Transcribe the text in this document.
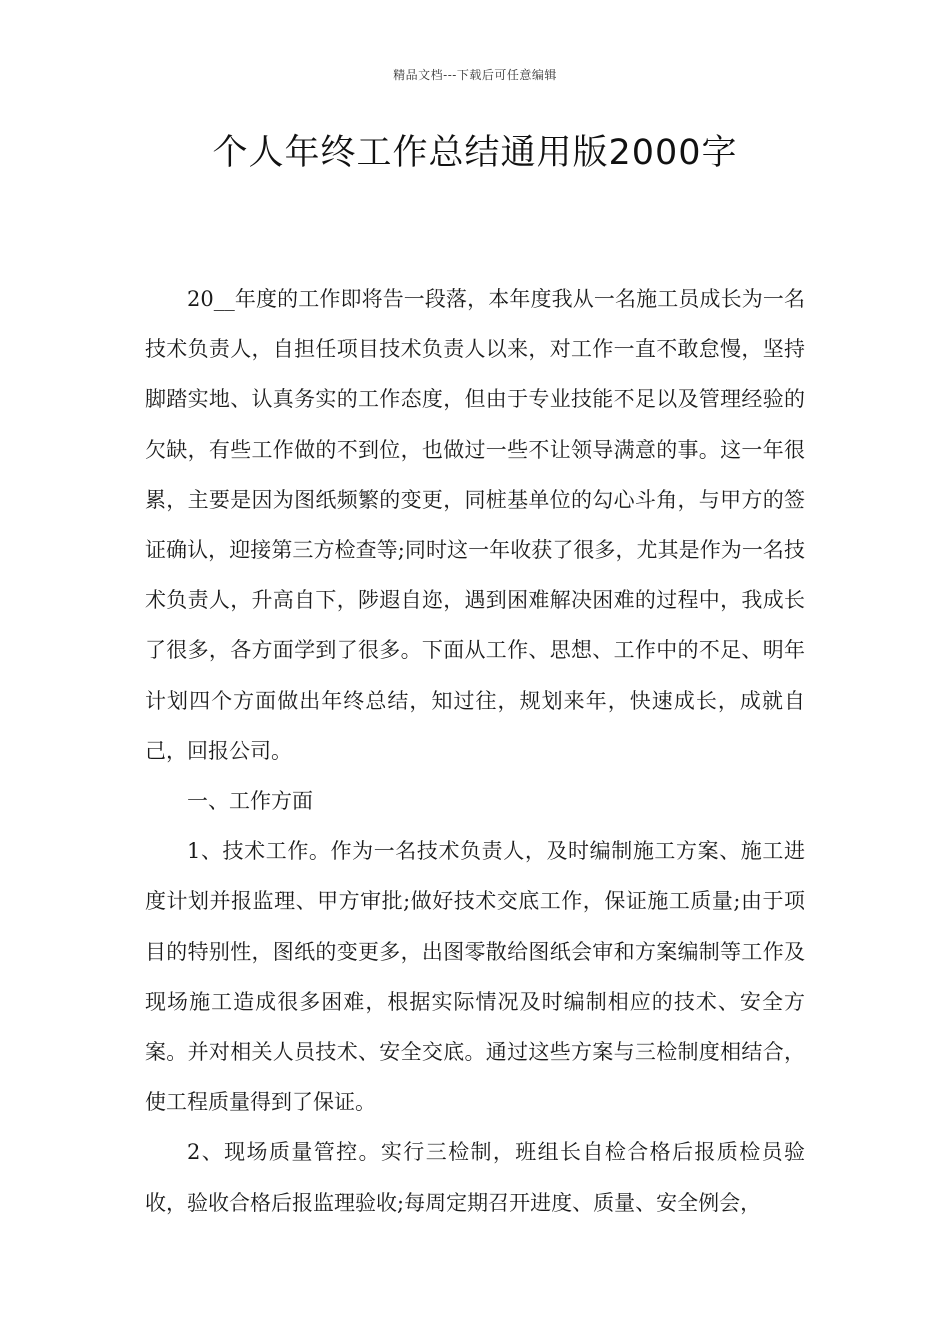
精品文档---下载后可任意编辑
个人年终工作总结通用版2000字

20__年度的工作即将告一段落，本年度我从一名施工员成长为一名技术负责人，自担任项目技术负责人以来，对工作一直不敢怠慢，坚持脚踏实地、认真务实的工作态度，但由于专业技能不足以及管理经验的欠缺，有些工作做的不到位，也做过一些不让领导满意的事。这一年很累，主要是因为图纸频繁的变更，同桩基单位的勾心斗角，与甲方的签证确认，迎接第三方检查等;同时这一年收获了很多，尤其是作为一名技术负责人，升高自下，陟遐自迩，遇到困难解决困难的过程中，我成长了很多，各方面学到了很多。下面从工作、思想、工作中的不足、明年计划四个方面做出年终总结，知过往，规划来年，快速成长，成就自己，回报公司。

一、工作方面

1、技术工作。作为一名技术负责人，及时编制施工方案、施工进度计划并报监理、甲方审批;做好技术交底工作，保证施工质量;由于项目的特别性，图纸的变更多，出图零散给图纸会审和方案编制等工作及现场施工造成很多困难，根据实际情况及时编制相应的技术、安全方案。并对相关人员技术、安全交底。通过这些方案与三检制度相结合，使工程质量得到了保证。

2、现场质量管控。实行三检制，班组长自检合格后报质检员验收，验收合格后报监理验收;每周定期召开进度、质量、安全例会，
